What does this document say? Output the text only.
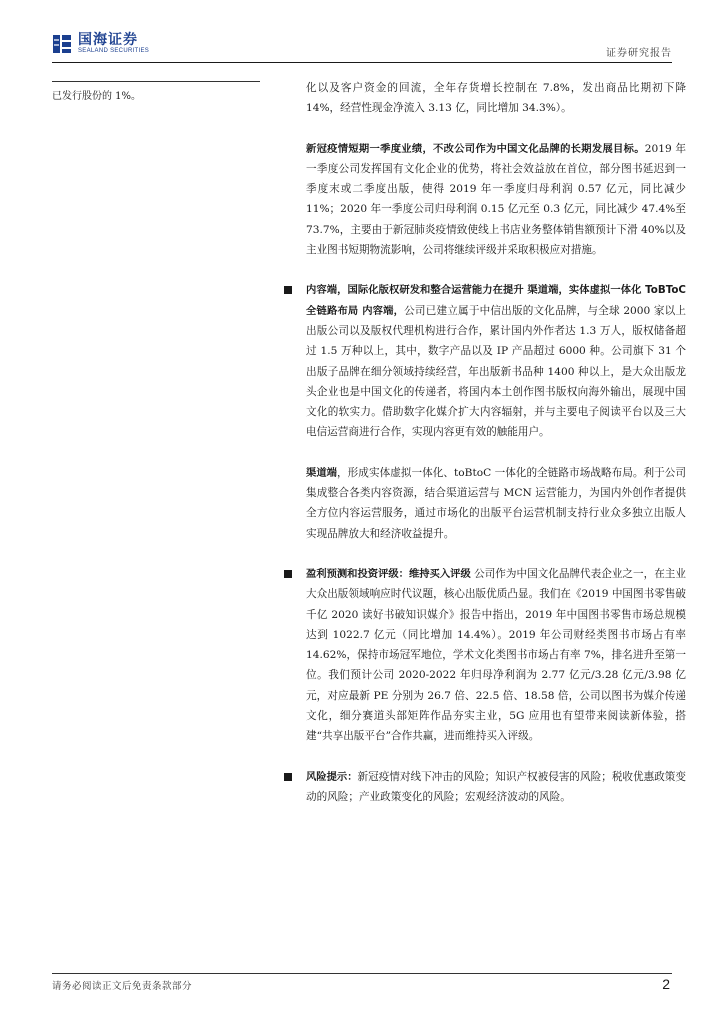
国海证券
SEALAND SECURITIES	证券研究报告
已发行股份的 1%。

化以及客户资金的回流，全年存货增长控制在 7.8%，发出商品比期初下降 14%，经营性现金净流入 3.13 亿，同比增加 34.3%）。

新冠疫情短期一季度业绩，不改公司作为中国文化品牌的长期发展目标。2019 年一季度公司发挥国有文化企业的优势，将社会效益放在首位，部分图书延迟到一季度末或二季度出版，使得 2019 年一季度归母利润 0.57 亿元，同比减少 11%；2020 年一季度公司归母利润 0.15 亿元至 0.3 亿元，同比减少 47.4%至 73.7%，主要由于新冠肺炎疫情致使线上书店业务整体销售额预计下滑 40%以及主业图书短期物流影响，公司将继续评级并采取积极应对措施。

内容端，国际化版权研发和整合运营能力在提升 渠道端，实体虚拟一体化 ToBToC 全链路布局 内容端，公司已建立属于中信出版的文化品牌，与全球 2000 家以上出版公司以及版权代理机构进行合作，累计国内外作者达 1.3 万人，版权储备超过 1.5 万种以上，其中，数字产品以及 IP 产品超过 6000 种。公司旗下 31 个出版子品牌在细分领域持续经营，年出版新书品种 1400 种以上，是大众出版龙头企业也是中国文化的传递者，将国内本土创作图书版权向海外输出，展现中国文化的软实力。借助数字化媒介扩大内容辐射，并与主要电子阅读平台以及三大电信运营商进行合作，实现内容更有效的触能用户。

渠道端，形成实体虚拟一体化、toBtoC 一体化的全链路市场战略布局。利于公司集成整合各类内容资源，结合渠道运营与 MCN 运营能力，为国内外创作者提供全方位内容运营服务，通过市场化的出版平台运营机制支持行业众多独立出版人实现品牌放大和经济收益提升。

盈利预测和投资评级：维持买入评级 公司作为中国文化品牌代表企业之一，在主业大众出版领域响应时代议题，核心出版优质凸显。我们在《2019 中国图书零售破千亿 2020 读好书破知识媒介》报告中指出，2019 年中国图书零售市场总规模达到 1022.7 亿元（同比增加 14.4%）。2019 年公司财经类图书市场占有率 14.62%，保持市场冠军地位，学术文化类图书市场占有率 7%，排名进升至第一位。我们预计公司 2020-2022 年归母净利润为 2.77 亿元/3.28 亿元/3.98 亿元，对应最新 PE 分别为 26.7 倍、22.5 倍、18.58 倍，公司以图书为媒介传递文化，细分赛道头部矩阵作品夯实主业，5G 应用也有望带来阅读新体验，搭建“共享出版平台”合作共赢，进而维持买入评级。

风险提示：新冠疫情对线下冲击的风险；知识产权被侵害的风险；税收优惠政策变动的风险；产业政策变化的风险；宏观经济波动的风险。

请务必阅读正文后免责条款部分	2
